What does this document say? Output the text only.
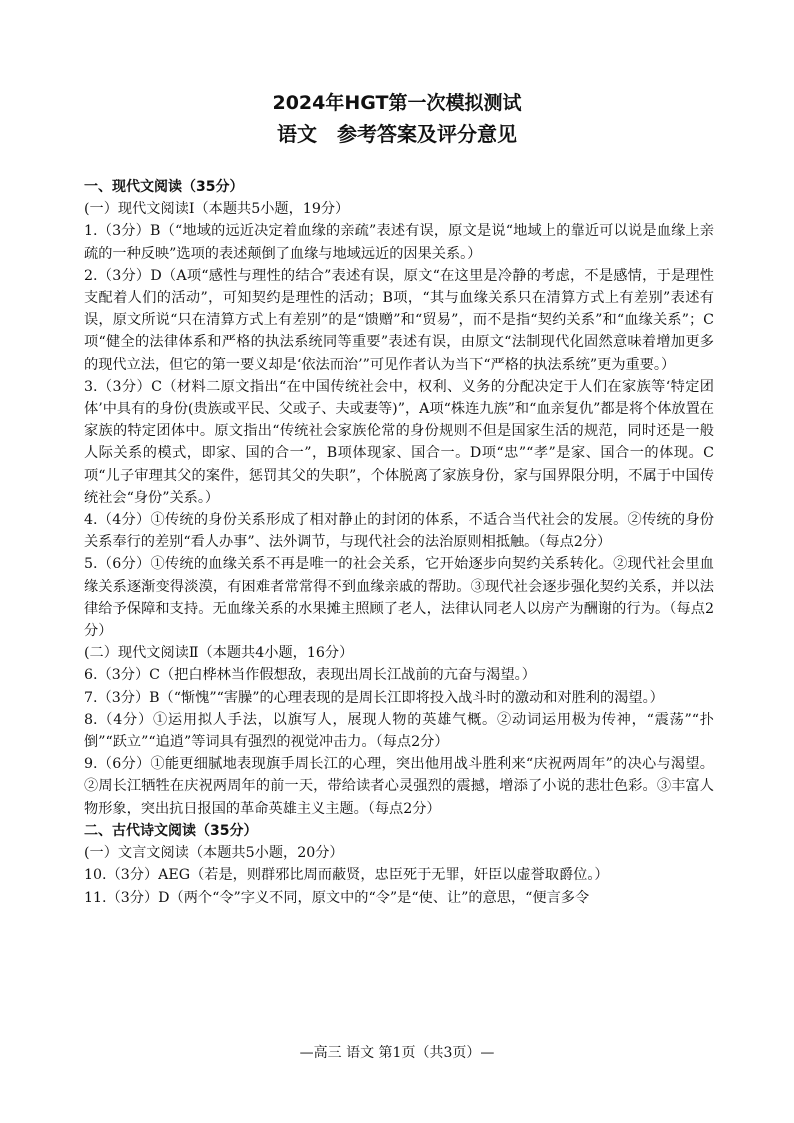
2024年HGT第一次模拟测试
语文　参考答案及评分意见

一、现代文阅读（35分）

(一）现代文阅读Ⅰ（本题共5小题，19分）

1.（3分）B（“地域的远近决定着血缘的亲疏”表述有误，原文是说“地域上的靠近可以说是血缘上亲疏的一种反映”选项的表述颠倒了血缘与地域远近的因果关系。）

2.（3分）D（A项“感性与理性的结合”表述有误，原文“在这里是冷静的考虑，不是感情，于是理性支配着人们的活动”，可知契约是理性的活动；B项，“其与血缘关系只在清算方式上有差别”表述有误，原文所说“只在清算方式上有差别”的是“馈赠”和“贸易”，而不是指“契约关系”和“血缘关系”；C项“健全的法律体系和严格的执法系统同等重要”表述有误，由原文“法制现代化固然意味着增加更多的现代立法，但它的第一要义却是‘依法而治’”可见作者认为当下“严格的执法系统”更为重要。）

3.（3分）C（材料二原文指出“在中国传统社会中，权利、义务的分配决定于人们在家族等‘特定团体’中具有的身份(贵族或平民、父或子、夫或妻等)”，A项“株连九族”和“血亲复仇”都是将个体放置在家族的特定团体中。原文指出“传统社会家族伦常的身份规则不但是国家生活的规范，同时还是一般人际关系的模式，即家、国的合一”，B项体现家、国合一。D项“忠”“孝”是家、国合一的体现。C项“儿子审理其父的案件，惩罚其父的失职”，个体脱离了家族身份，家与国界限分明，不属于中国传统社会“身份”关系。）

4.（4分）①传统的身份关系形成了相对静止的封闭的体系，不适合当代社会的发展。②传统的身份关系奉行的差别“看人办事”、法外调节，与现代社会的法治原则相抵触。（每点2分）

5.（6分）①传统的血缘关系不再是唯一的社会关系，它开始逐步向契约关系转化。②现代社会里血缘关系逐渐变得淡漠，有困难者常常得不到血缘亲戚的帮助。③现代社会逐步强化契约关系，并以法律给予保障和支持。无血缘关系的水果摊主照顾了老人，法律认同老人以房产为酬谢的行为。（每点2分）

(二）现代文阅读Ⅱ（本题共4小题，16分）

6.（3分）C（把白桦林当作假想敌，表现出周长江战前的亢奋与渴望。）

7.（3分）B（“惭愧”“害臊”的心理表现的是周长江即将投入战斗时的激动和对胜利的渴望。）

8.（4分）①运用拟人手法，以旗写人，展现人物的英雄气概。②动词运用极为传神，“震荡”“扑倒”“跃立”“追逍”等词具有强烈的视觉冲击力。（每点2分）

9.（6分）①能更细腻地表现旗手周长江的心理，突出他用战斗胜利来“庆祝两周年”的决心与渴望。②周长江牺牲在庆祝两周年的前一天，带给读者心灵强烈的震撼，增添了小说的悲壮色彩。③丰富人物形象，突出抗日报国的革命英雄主义主题。（每点2分）

二、古代诗文阅读（35分）

(一）文言文阅读（本题共5小题，20分）

10.（3分）AEG（若是，则群邪比周而蔽贤，忠臣死于无罪，奸臣以虚誉取爵位。）

11.（3分）D（两个“令”字义不同，原文中的“令”是“使、让”的意思，“便言多令

—高三 语文 第1页（共3页）—
